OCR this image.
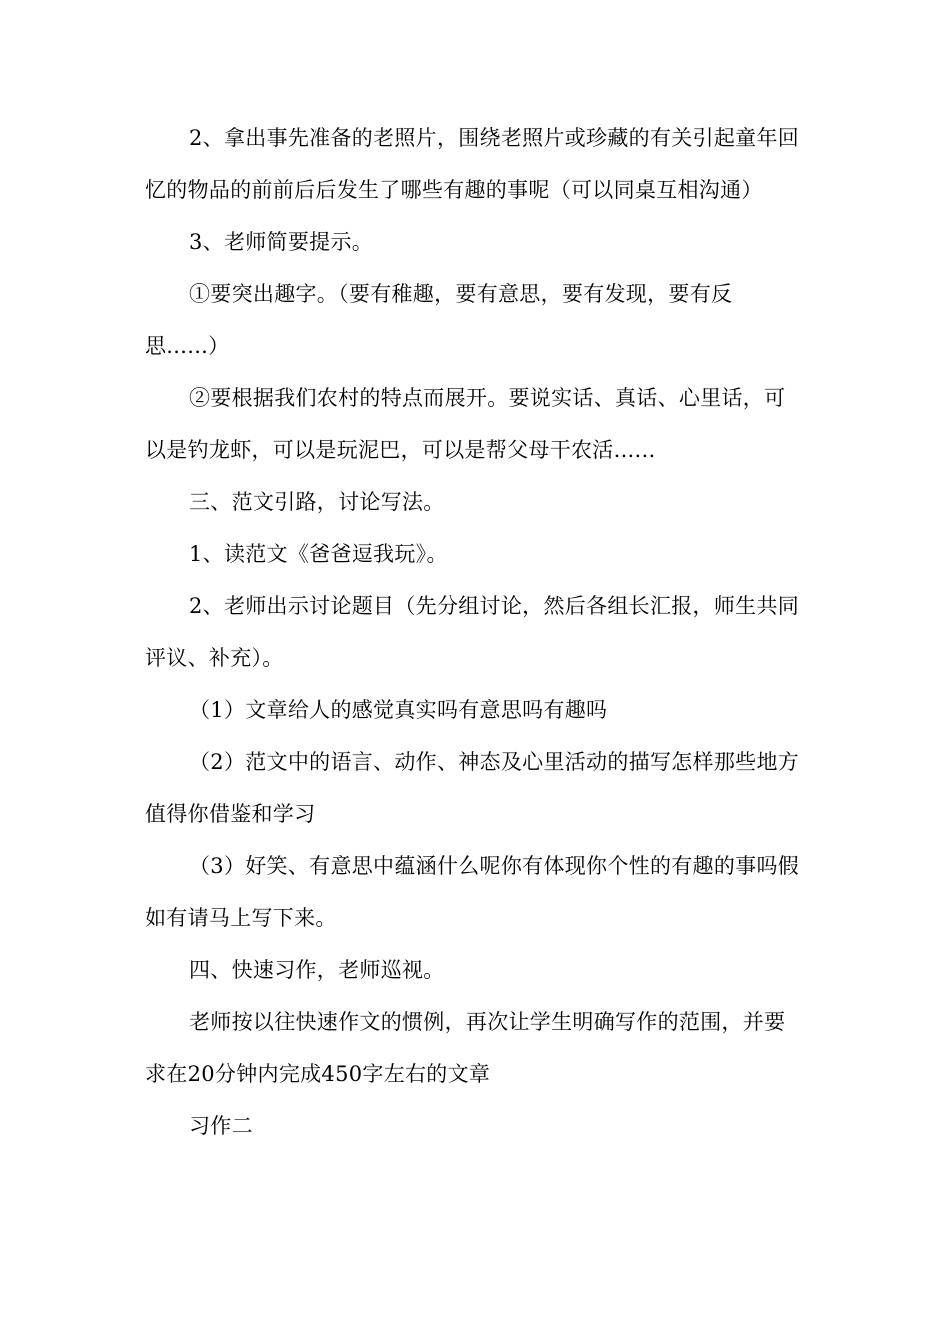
2、拿出事先准备的老照片，围绕老照片或珍藏的有关引起童年回忆的物品的前前后后发生了哪些有趣的事呢（可以同桌互相沟通）

3、老师简要提示。

①要突出趣字。（要有稚趣，要有意思，要有发现，要有反思......）

②要根据我们农村的特点而展开。要说实话、真话、心里话，可以是钓龙虾，可以是玩泥巴，可以是帮父母干农活......

三、范文引路，讨论写法。

1、读范文《爸爸逗我玩》。

2、老师出示讨论题目（先分组讨论，然后各组长汇报，师生共同评议、补充）。

（1）文章给人的感觉真实吗有意思吗有趣吗

（2）范文中的语言、动作、神态及心里活动的描写怎样那些地方值得你借鉴和学习

（3）好笑、有意思中蕴涵什么呢你有体现你个性的有趣的事吗假如有请马上写下来。

四、快速习作，老师巡视。

老师按以往快速作文的惯例，再次让学生明确写作的范围，并要求在20分钟内完成450字左右的文章

习作二
